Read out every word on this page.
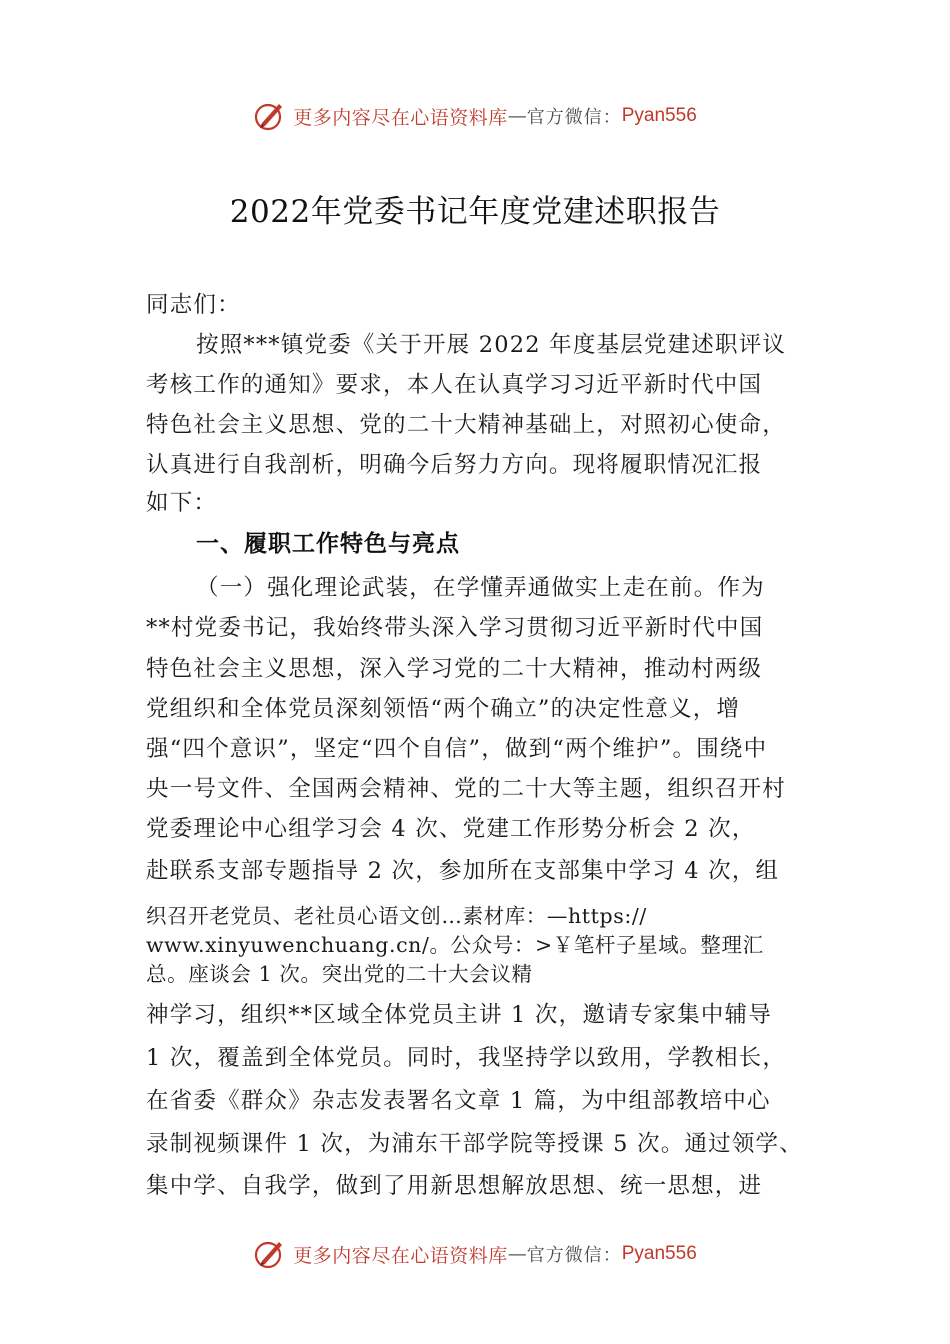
更多内容尽在心语资料库 — 官方微信： Pyan556
2022年党委书记年度党建述职报告
同志们：
按照***镇党委《关于开展 2022 年度基层党建述职评议
考核工作的通知》要求，本人在认真学习习近平新时代中国
特色社会主义思想、党的二十大精神基础上，对照初心使命，
认真进行自我剖析，明确今后努力方向。现将履职情况汇报
如下：
一、履职工作特色与亮点
（一）强化理论武装，在学懂弄通做实上走在前。作为
**村党委书记，我始终带头深入学习贯彻习近平新时代中国
特色社会主义思想，深入学习党的二十大精神，推动村两级
党组织和全体党员深刻领悟“两个确立”的决定性意义，增
强“四个意识”，坚定“四个自信”，做到“两个维护”。围绕中
央一号文件、全国两会精神、党的二十大等主题，组织召开村
党委理论中心组学习会 4 次、党建工作形势分析会 2 次，
赴联系支部专题指导 2 次，参加所在支部集中学习 4 次，组
织召开老党员、老社员心语文创…素材库：—https://
www.xinyuwenchuang.cn/。公众号：>￥笔杆子星域。整理汇
总。座谈会 1 次。突出党的二十大会议精
神学习，组织**区域全体党员主讲 1 次，邀请专家集中辅导
1 次，覆盖到全体党员。同时，我坚持学以致用，学教相长，
在省委《群众》杂志发表署名文章 1 篇，为中组部教培中心
录制视频课件 1 次，为浦东干部学院等授课 5 次。通过领学、
集中学、自我学，做到了用新思想解放思想、统一思想，进
更多内容尽在心语资料库 — 官方微信： Pyan556
